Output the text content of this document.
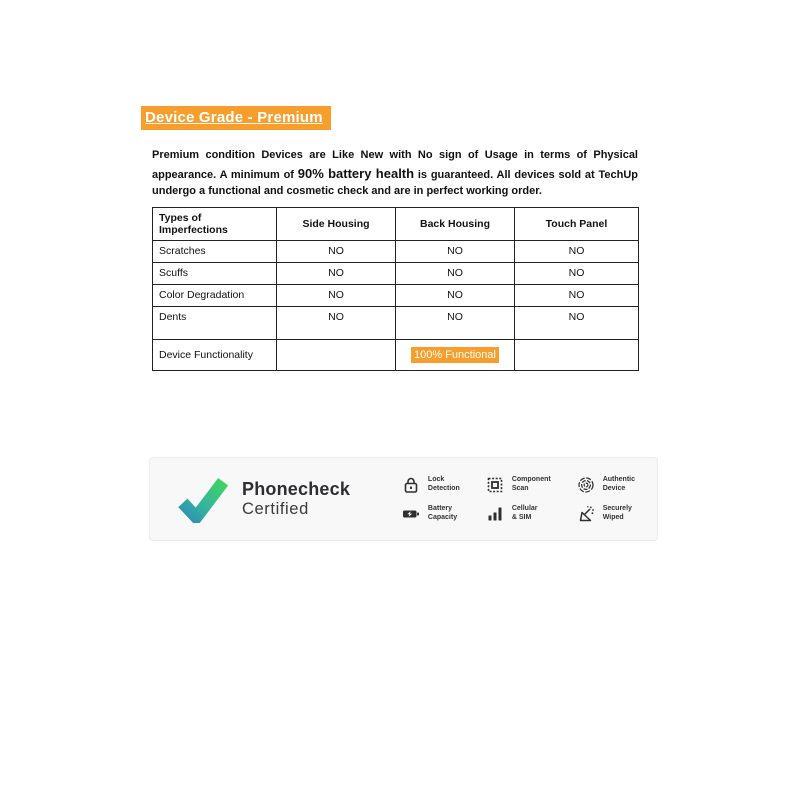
Device Grade - Premium

Premium condition Devices are Like New with No sign of Usage in terms of Physical appearance. A minimum of 90% battery health is guaranteed. All devices sold at TechUp undergo a functional and cosmetic check and are in perfect working order.

Types of Imperfections	Side Housing	Back Housing	Touch Panel
Scratches	NO	NO	NO
Scuffs	NO	NO	NO
Color Degradation	NO	NO	NO
Dents	NO	NO	NO
Device Functionality		100% Functional	
Phonecheck
Certified
Lock
Detection
Battery
Capacity
Component
Scan
Cellular
& SIM
Authentic
Device
Securely
Wiped
